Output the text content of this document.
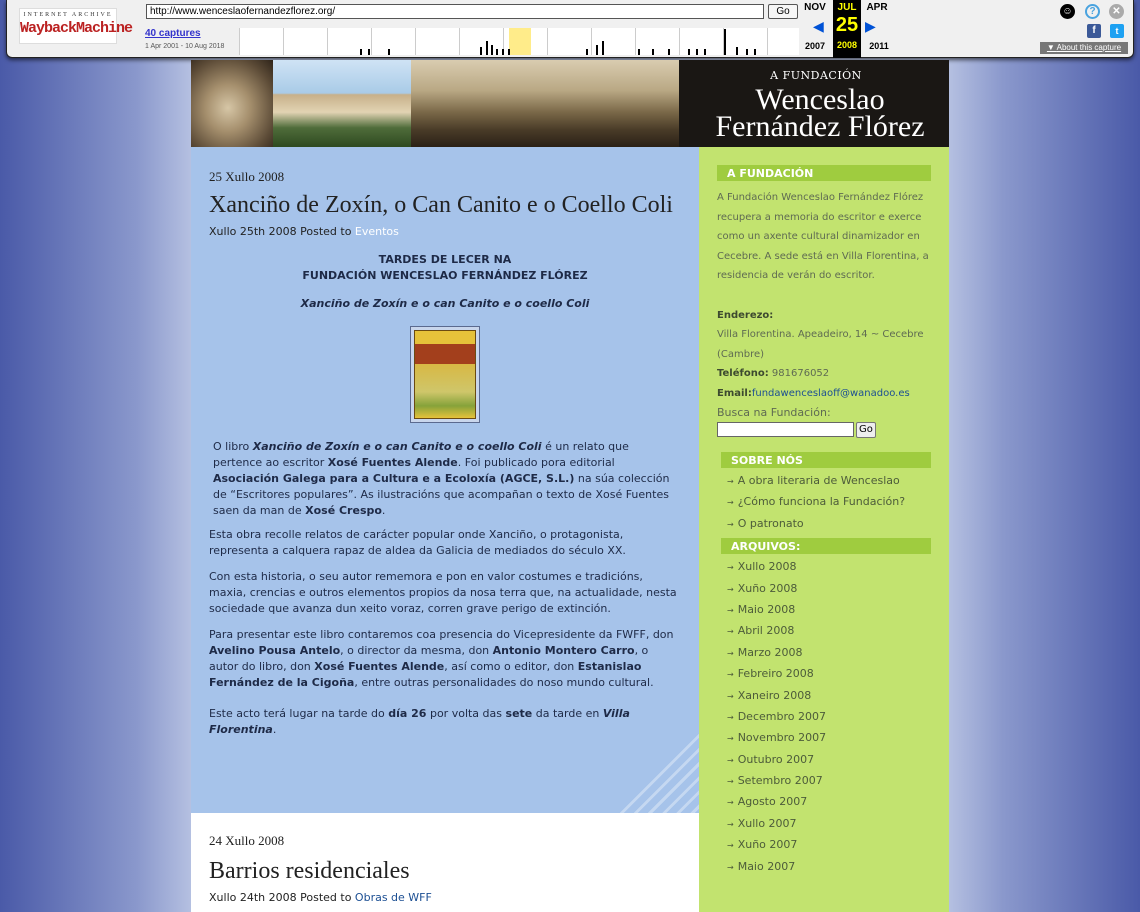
INTERNET ARCHIVE
WaybackMachine
http://www.wenceslaofernandezflorez.org/	Go
40 captures
1 Apr 2001 - 10 Aug 2018
NOV
◀
JUL
25
2008
▶
APR
2007	2011
☺	?	✕
f	t
▼ About this capture
A FUNDACIÓN
Wenceslao
Fernández Flórez
25 Xullo 2008
Xanciño de Zoxín, o Can Canito e o Coello Coli
Xullo 25th 2008 Posted to Eventos
TARDES DE LECER NA
FUNDACIÓN WENCESLAO FERNÁNDEZ FLÓREZ
Xanciño de Zoxín e o can Canito e o coello Coli

O libro Xanciño de Zoxín e o can Canito e o coello Coli é un relato que pertence ao escritor Xosé Fuentes Alende. Foi publicado pora editorial Asociación Galega para a Cultura e a Ecoloxía (AGCE, S.L.) na súa colección de “Escritores populares”. As ilustracións que acompañan o texto de Xosé Fuentes saen da man de Xosé Crespo.

Esta obra recolle relatos de carácter popular onde Xanciño, o protagonista, representa a calquera rapaz de aldea da Galicia de mediados do século XX.

Con esta historia, o seu autor rememora e pon en valor costumes e tradicións, maxia, crencias e outros elementos propios da nosa terra que, na actualidade, nesta sociedade que avanza dun xeito voraz, corren grave perigo de extinción.

Para presentar este libro contaremos coa presencia do Vicepresidente da FWFF, don Avelino Pousa Antelo, o director da mesma, don Antonio Montero Carro, o autor do libro, don Xosé Fuentes Alende, así como o editor, don Estanislao Fernández de la Cigoña, entre outras personalidades do noso mundo cultural.

Este acto terá lugar na tarde do día 26 por volta das sete da tarde en Villa Florentina.

24 Xullo 2008
Barrios residenciales
Xullo 24th 2008 Posted to Obras de WFF
A FUNDACIÓN
A Fundación Wenceslao Fernández Flórez recupera a memoria do escritor e exerce como un axente cultural dinamizador en Cecebre. A sede está en Villa Florentina, a residencia de verán do escritor.
Enderezo:
Villa Florentina. Apeadeiro, 14 ~ Cecebre (Cambre)
Teléfono: 981676052
Email:fundawenceslaoff@wanadoo.es
Busca na Fundación:
Go
SOBRE NÓS
→ A obra literaria de Wenceslao
→ ¿Cómo funciona la Fundación?
→ O patronato
ARQUIVOS:
→ Xullo 2008
→ Xuño 2008
→ Maio 2008
→ Abril 2008
→ Marzo 2008
→ Febreiro 2008
→ Xaneiro 2008
→ Decembro 2007
→ Novembro 2007
→ Outubro 2007
→ Setembro 2007
→ Agosto 2007
→ Xullo 2007
→ Xuño 2007
→ Maio 2007
